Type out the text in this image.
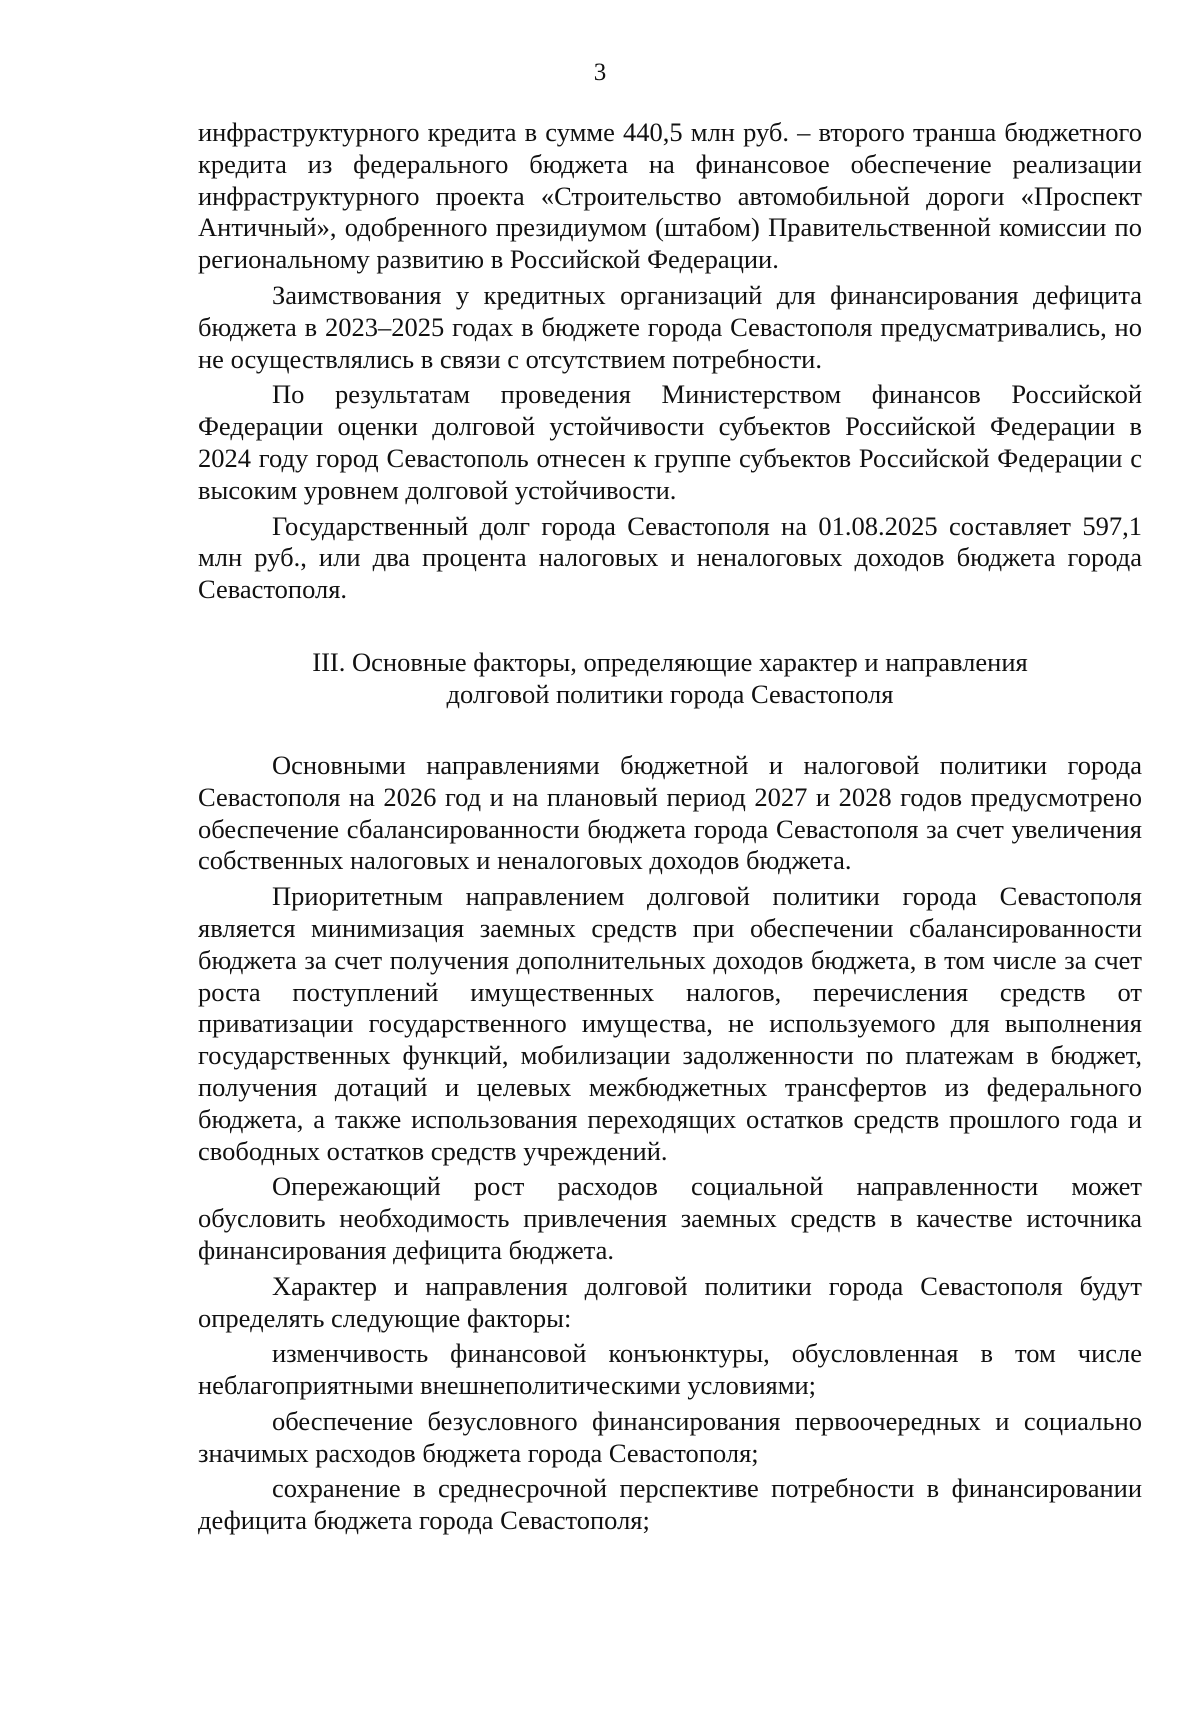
3

инфраструктурного кредита в сумме 440,5 млн руб. – второго транша бюджетного кредита из федерального бюджета на финансовое обеспечение реализации инфраструктурного проекта «Строительство автомобильной дороги «Проспект Античный», одобренного президиумом (штабом) Правительственной комиссии по региональному развитию в Российской Федерации.

Заимствования у кредитных организаций для финансирования дефицита бюджета в 2023–2025 годах в бюджете города Севастополя предусматривались, но не осуществлялись в связи с отсутствием потребности.

По результатам проведения Министерством финансов Российской Федерации оценки долговой устойчивости субъектов Российской Федерации в 2024 году город Севастополь отнесен к группе субъектов Российской Федерации с высоким уровнем долговой устойчивости.

Государственный долг города Севастополя на 01.08.2025 составляет 597,1 млн руб., или два процента налоговых и неналоговых доходов бюджета города Севастополя.

III. Основные факторы, определяющие характер и направления
долговой политики города Севастополя

Основными направлениями бюджетной и налоговой политики города Севастополя на 2026 год и на плановый период 2027 и 2028 годов предусмотрено обеспечение сбалансированности бюджета города Севастополя за счет увеличения собственных налоговых и неналоговых доходов бюджета.

Приоритетным направлением долговой политики города Севастополя является минимизация заемных средств при обеспечении сбалансированности бюджета за счет получения дополнительных доходов бюджета, в том числе за счет роста поступлений имущественных налогов, перечисления средств от приватизации государственного имущества, не используемого для выполнения государственных функций, мобилизации задолженности по платежам в бюджет, получения дотаций и целевых межбюджетных трансфертов из федерального бюджета, а также использования переходящих остатков средств прошлого года и свободных остатков средств учреждений.

Опережающий рост расходов социальной направленности может обусловить необходимость привлечения заемных средств в качестве источника финансирования дефицита бюджета.

Характер и направления долговой политики города Севастополя будут определять следующие факторы:

изменчивость финансовой конъюнктуры, обусловленная в том числе неблагоприятными внешнеполитическими условиями;

обеспечение безусловного финансирования первоочередных и социально значимых расходов бюджета города Севастополя;

сохранение в среднесрочной перспективе потребности в финансировании дефицита бюджета города Севастополя;
